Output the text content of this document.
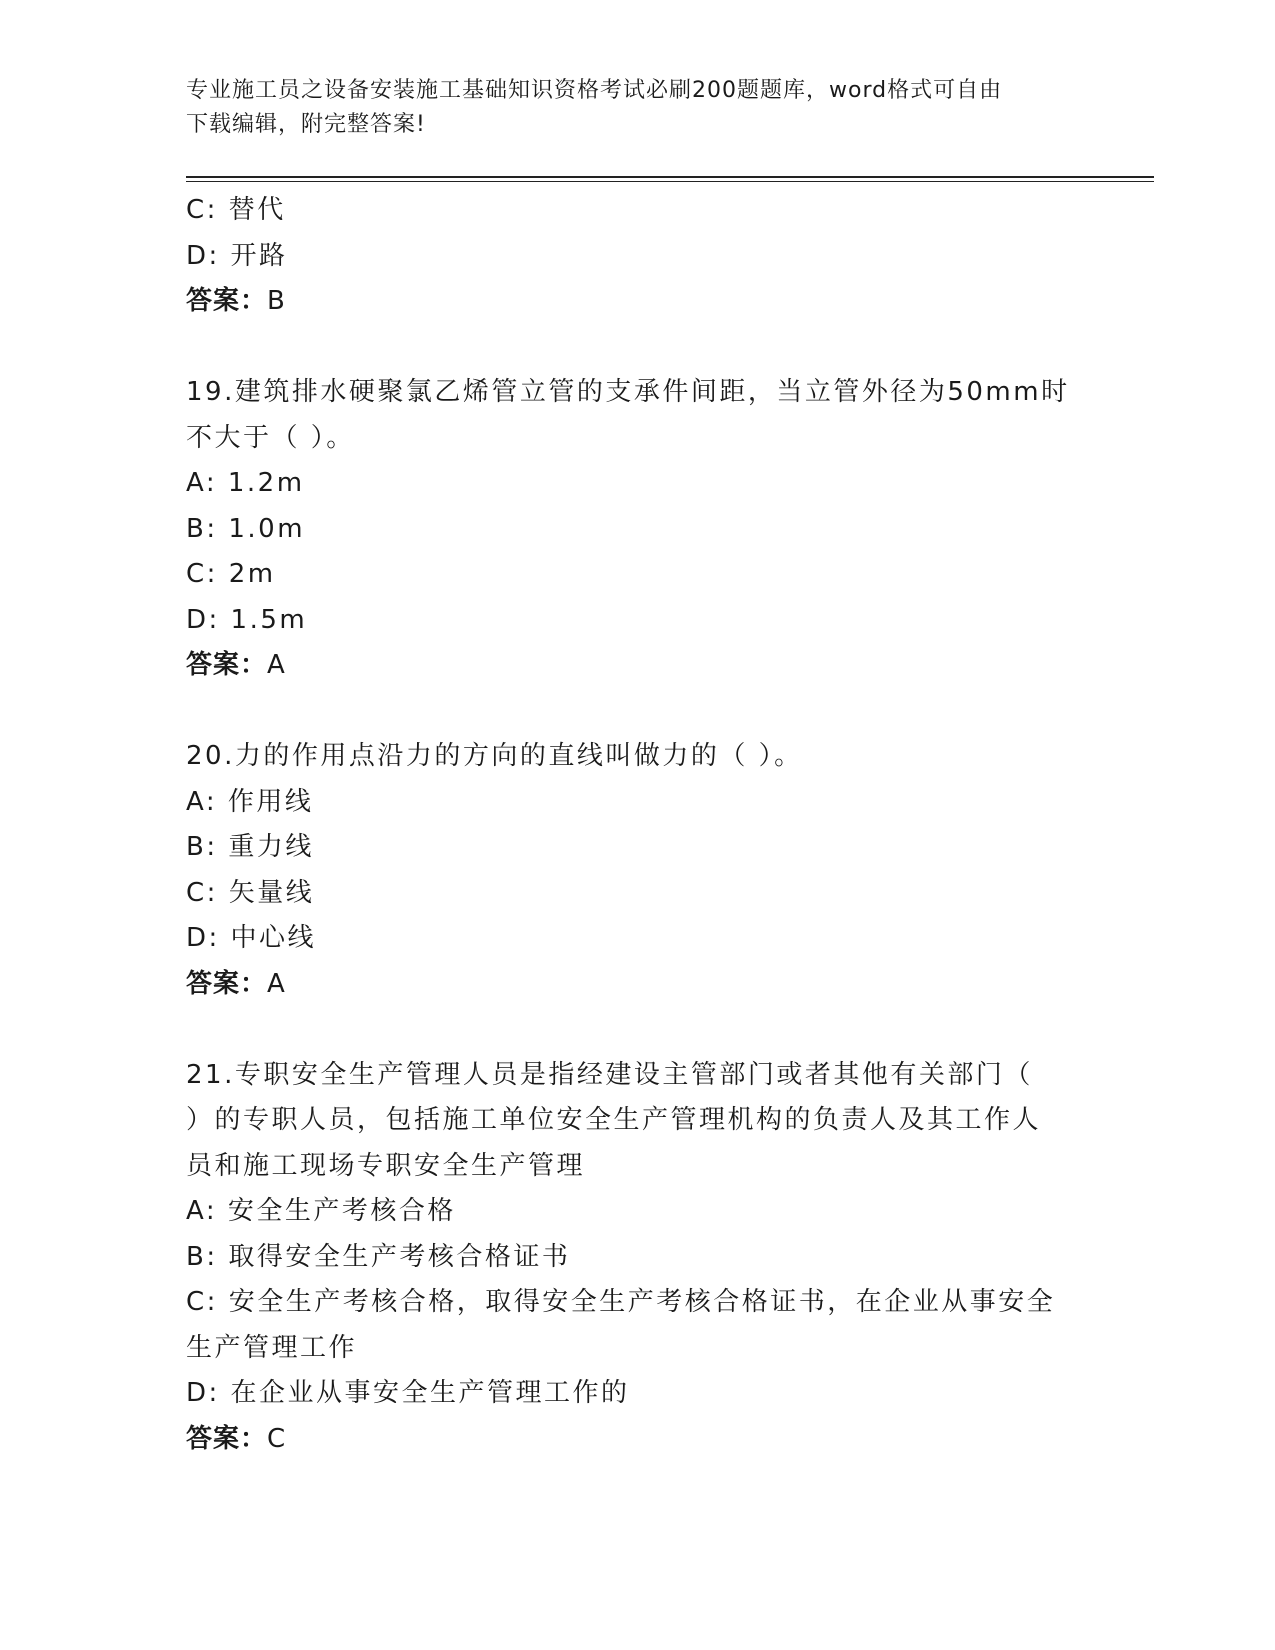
专业施工员之设备安装施工基础知识资格考试必刷200题题库，word格式可自由
下载编辑，附完整答案!
C: 替代
D: 开路
答案：B
19.建筑排水硬聚氯乙烯管立管的支承件间距，当立管外径为50mm时
不大于（ ）。
A: 1.2m
B: 1.0m
C: 2m
D: 1.5m
答案：A
20.力的作用点沿力的方向的直线叫做力的（ ）。
A: 作用线
B: 重力线
C: 矢量线
D: 中心线
答案：A
21.专职安全生产管理人员是指经建设主管部门或者其他有关部门（
）的专职人员，包括施工单位安全生产管理机构的负责人及其工作人
员和施工现场专职安全生产管理
A: 安全生产考核合格
B: 取得安全生产考核合格证书
C: 安全生产考核合格，取得安全生产考核合格证书，在企业从事安全
生产管理工作
D: 在企业从事安全生产管理工作的
答案：C
